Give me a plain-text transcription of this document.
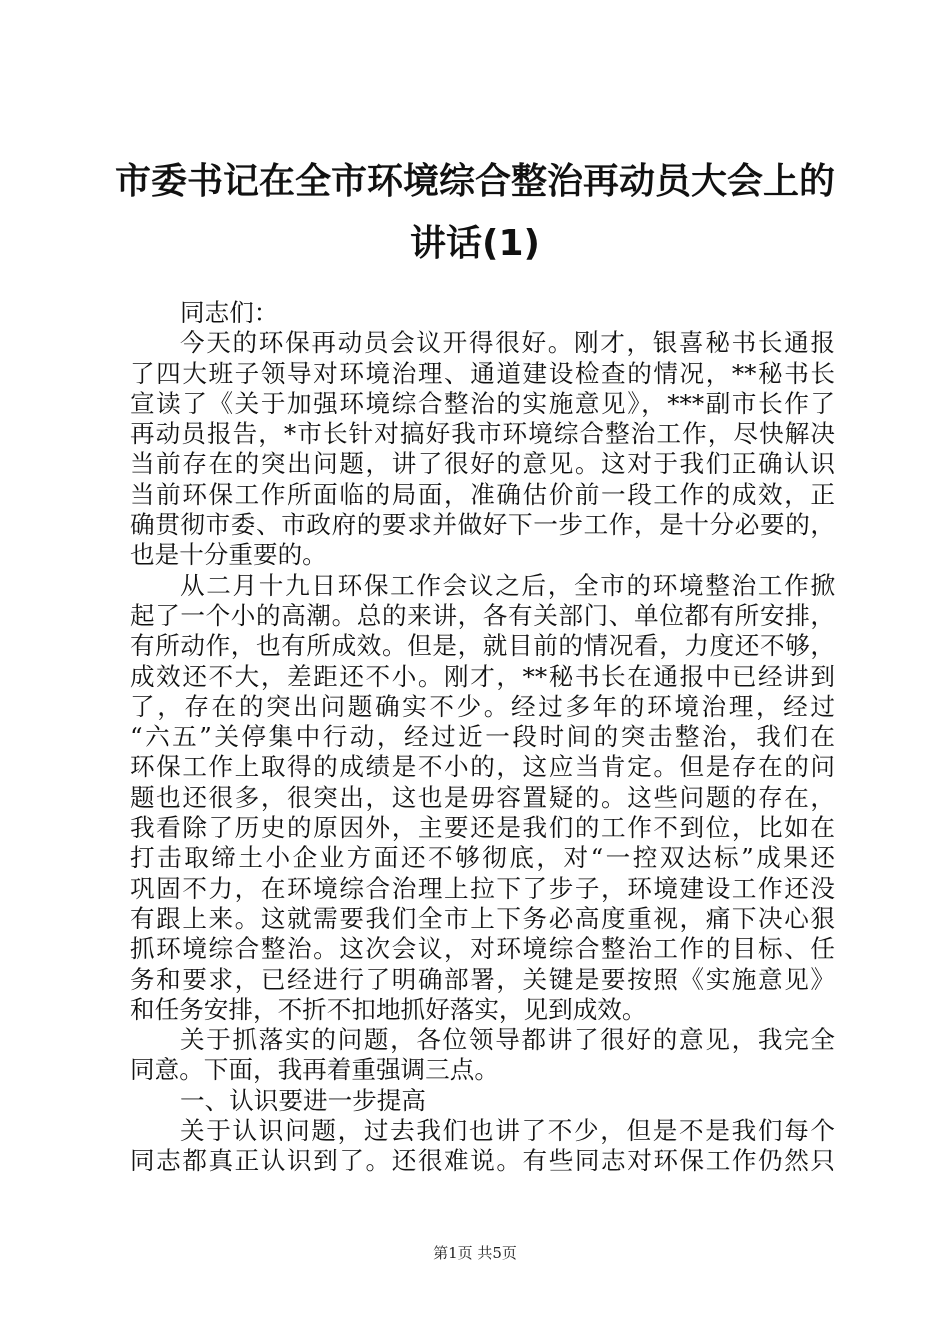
市委书记在全市环境综合整治再动员大会上的
讲话(1)
同志们：
今天的环保再动员会议开得很好。刚才，银喜秘书长通报
了四大班子领导对环境治理、通道建设检查的情况，**秘书长
宣读了《关于加强环境综合整治的实施意见》，***副市长作了
再动员报告，*市长针对搞好我市环境综合整治工作，尽快解决
当前存在的突出问题，讲了很好的意见。这对于我们正确认识
当前环保工作所面临的局面，准确估价前一段工作的成效，正
确贯彻市委、市政府的要求并做好下一步工作，是十分必要的，
也是十分重要的。
从二月十九日环保工作会议之后，全市的环境整治工作掀
起了一个小的高潮。总的来讲，各有关部门、单位都有所安排，
有所动作，也有所成效。但是，就目前的情况看，力度还不够，
成效还不大，差距还不小。刚才，**秘书长在通报中已经讲到
了，存在的突出问题确实不少。经过多年的环境治理，经过
“六五”关停集中行动，经过近一段时间的突击整治，我们在
环保工作上取得的成绩是不小的，这应当肯定。但是存在的问
题也还很多，很突出，这也是毋容置疑的。这些问题的存在，
我看除了历史的原因外，主要还是我们的工作不到位，比如在
打击取缔土小企业方面还不够彻底，对“一控双达标”成果还
巩固不力，在环境综合治理上拉下了步子，环境建设工作还没
有跟上来。这就需要我们全市上下务必高度重视，痛下决心狠
抓环境综合整治。这次会议，对环境综合整治工作的目标、任
务和要求，已经进行了明确部署，关键是要按照《实施意见》
和任务安排，不折不扣地抓好落实，见到成效。
关于抓落实的问题，各位领导都讲了很好的意见，我完全
同意。下面，我再着重强调三点。
一、认识要进一步提高
关于认识问题，过去我们也讲了不少，但是不是我们每个
同志都真正认识到了。还很难说。有些同志对环保工作仍然只
第1页 共5页
